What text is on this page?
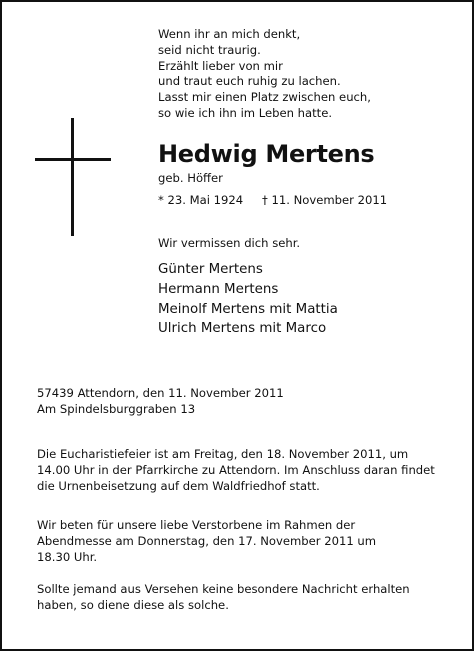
Wenn ihr an mich denkt,
seid nicht traurig.
Erzählt lieber von mir
und traut euch ruhig zu lachen.
Lasst mir einen Platz zwischen euch,
so wie ich ihn im Leben hatte.
Hedwig Mertens
geb. Höffer
* 23. Mai 1924 † 11. November 2011
Wir vermissen dich sehr.
Günter Mertens
Hermann Mertens
Meinolf Mertens mit Mattia
Ulrich Mertens mit Marco
57439 Attendorn, den 11. November 2011
Am Spindelsburggraben 13
Die Eucharistiefeier ist am Freitag, den 18. November 2011, um
14.00 Uhr in der Pfarrkirche zu Attendorn. Im Anschluss daran findet
die Urnenbeisetzung auf dem Waldfriedhof statt.
Wir beten für unsere liebe Verstorbene im Rahmen der
Abendmesse am Donnerstag, den 17. November 2011 um
18.30 Uhr.
Sollte jemand aus Versehen keine besondere Nachricht erhalten
haben, so diene diese als solche.
